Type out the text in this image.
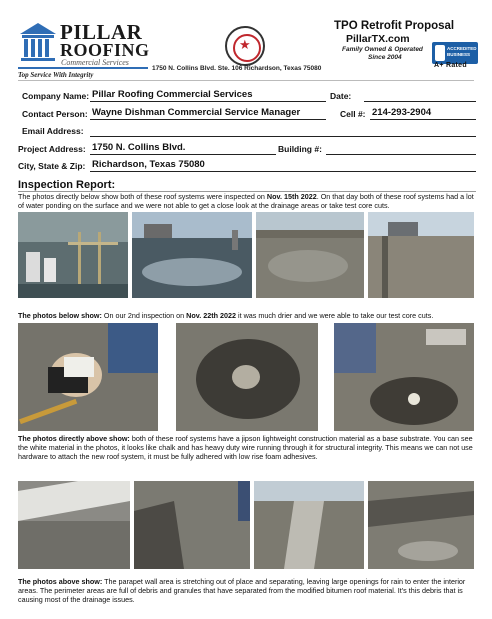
PILLAR
ROOFING
Commercial Services
Top Service With Integrity
★
1750 N. Collins Blvd. Ste. 106 Richardson, Texas 75080
TPO Retrofit Proposal
PillarTX.com
Family Owned & Operated
Since 2004
ACCREDITED BUSINESS
A+ Rated
Company Name: Pillar Roofing Commercial Services	Date:
Contact Person: Wayne Dishman Commercial Service Manager	Cell #: 214-293-2904
Email Address:
Project Address: 1750 N. Collins Blvd.	Building #:
City, State & Zip: Richardson, Texas 75080
Inspection Report:
The photos directly below show both of these roof systems were inspected on Nov. 15th 2022. On that day both of these roof systems had a lot of water ponding on the surface and we were not able to get a close look at the drainage areas or take test core cuts.
The photos below show: On our 2nd inspection on Nov. 22th 2022 it was much drier and we were able to take our test core cuts.
The photos directly above show: both of these roof systems have a jipson lightweight construction material as a base substrate. You can see the white material in the photos, it looks like chalk and has heavy duty wire running through it for structural integrity. This means we can not use hardware to attach the new roof system, it must be fully adhered with low rise foam adhesives.
The photos above show: The parapet wall area is stretching out of place and separating, leaving large openings for rain to enter the interior areas. The perimeter areas are full of debris and granules that have separated from the modified bitumen roof material. It's this debris that is causing most of the drainage issues.
